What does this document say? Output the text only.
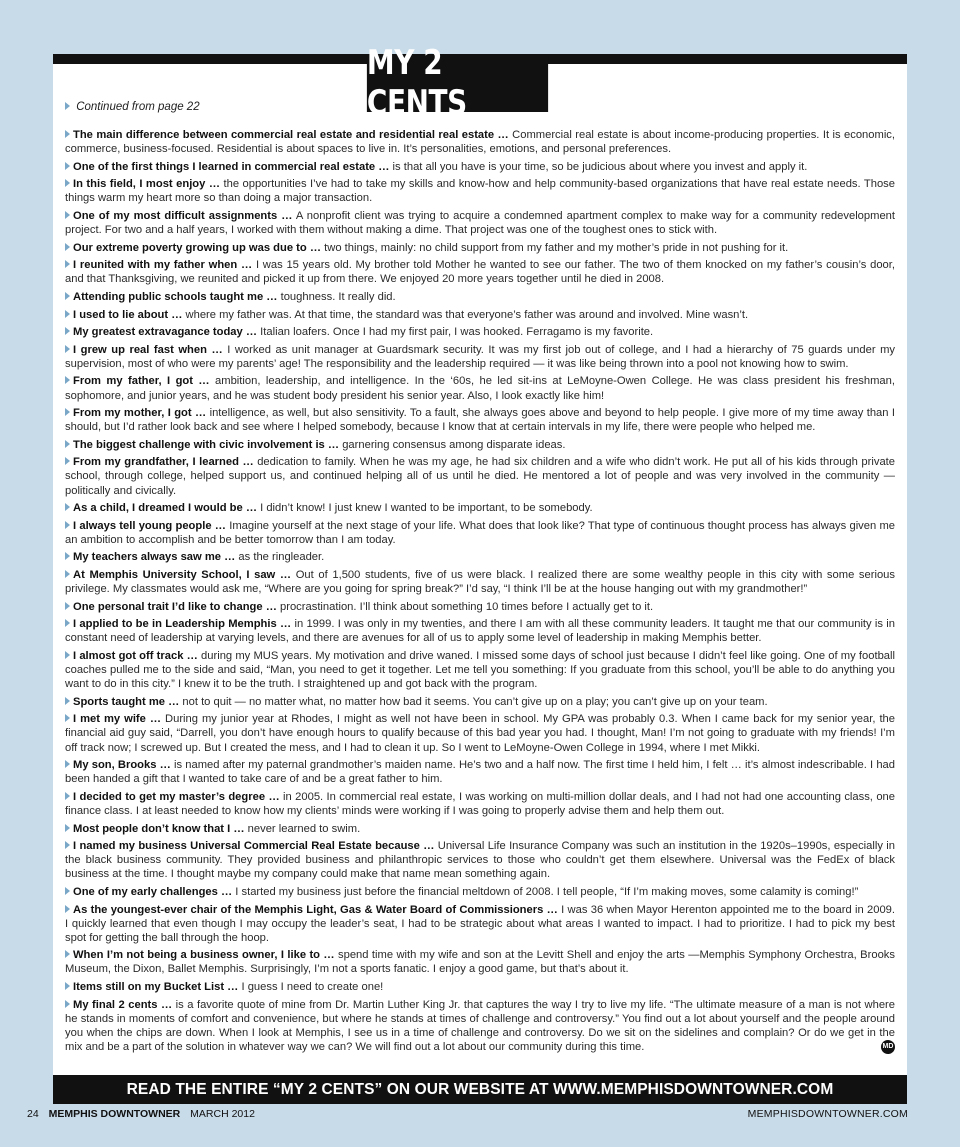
MY 2 CENTS
Continued from page 22

The main difference between commercial real estate and residential real estate … Commercial real estate is about income-producing properties. It is economic, commerce, business-focused. Residential is about spaces to live in. It’s personalities, emotions, and personal preferences.

One of the first things I learned in commercial real estate … is that all you have is your time, so be judicious about where you invest and apply it.

In this field, I most enjoy … the opportunities I’ve had to take my skills and know-how and help community-based organizations that have real estate needs. Those things warm my heart more so than doing a major transaction.

One of my most difficult assignments … A nonprofit client was trying to acquire a condemned apartment complex to make way for a community redevelopment project. For two and a half years, I worked with them without making a dime. That project was one of the toughest ones to stick with.

Our extreme poverty growing up was due to … two things, mainly: no child support from my father and my mother’s pride in not pushing for it.

I reunited with my father when … I was 15 years old. My brother told Mother he wanted to see our father. The two of them knocked on my father’s cousin’s door, and that Thanksgiving, we reunited and picked it up from there. We enjoyed 20 more years together until he died in 2008.

Attending public schools taught me … toughness. It really did.

I used to lie about … where my father was. At that time, the standard was that everyone’s father was around and involved. Mine wasn’t.

My greatest extravagance today … Italian loafers. Once I had my first pair, I was hooked. Ferragamo is my favorite.

I grew up real fast when … I worked as unit manager at Guardsmark security. It was my first job out of college, and I had a hierarchy of 75 guards under my supervision, most of who were my parents’ age! The responsibility and the leadership required — it was like being thrown into a pool not knowing how to swim.

From my father, I got … ambition, leadership, and intelligence. In the ‘60s, he led sit-ins at LeMoyne-Owen College. He was class president his freshman, sophomore, and junior years, and he was student body president his senior year. Also, I look exactly like him!

From my mother, I got … intelligence, as well, but also sensitivity. To a fault, she always goes above and beyond to help people. I give more of my time away than I should, but I’d rather look back and see where I helped somebody, because I know that at certain intervals in my life, there were people who helped me.

The biggest challenge with civic involvement is … garnering consensus among disparate ideas.

From my grandfather, I learned … dedication to family. When he was my age, he had six children and a wife who didn’t work. He put all of his kids through private school, through college, helped support us, and continued helping all of us until he died. He mentored a lot of people and was very involved in the community — politically and civically.

As a child, I dreamed I would be … I didn’t know! I just knew I wanted to be important, to be somebody.

I always tell young people … Imagine yourself at the next stage of your life. What does that look like? That type of continuous thought process has always given me an ambition to accomplish and be better tomorrow than I am today.

My teachers always saw me … as the ringleader.

At Memphis University School, I saw … Out of 1,500 students, five of us were black. I realized there are some wealthy people in this city with some serious privilege. My classmates would ask me, “Where are you going for spring break?” I’d say, “I think I’ll be at the house hanging out with my grandmother!”

One personal trait I’d like to change … procrastination. I’ll think about something 10 times before I actually get to it.

I applied to be in Leadership Memphis … in 1999. I was only in my twenties, and there I am with all these community leaders. It taught me that our community is in constant need of leadership at varying levels, and there are avenues for all of us to apply some level of leadership in making Memphis better.

I almost got off track … during my MUS years. My motivation and drive waned. I missed some days of school just because I didn’t feel like going. One of my football coaches pulled me to the side and said, “Man, you need to get it together. Let me tell you something: If you graduate from this school, you’ll be able to do anything you want to do in this city.” I knew it to be the truth. I straightened up and got back with the program.

Sports taught me … not to quit — no matter what, no matter how bad it seems. You can’t give up on a play; you can’t give up on your team.

I met my wife … During my junior year at Rhodes, I might as well not have been in school. My GPA was probably 0.3. When I came back for my senior year, the financial aid guy said, “Darrell, you don’t have enough hours to qualify because of this bad year you had. I thought, Man! I’m not going to graduate with my friends! I’m off track now; I screwed up. But I created the mess, and I had to clean it up. So I went to LeMoyne-Owen College in 1994, where I met Mikki.

My son, Brooks … is named after my paternal grandmother’s maiden name. He’s two and a half now. The first time I held him, I felt … it’s almost indescribable. I had been handed a gift that I wanted to take care of and be a great father to him.

I decided to get my master’s degree … in 2005. In commercial real estate, I was working on multi-million dollar deals, and I had not had one accounting class, one finance class. I at least needed to know how my clients’ minds were working if I was going to properly advise them and help them out.

Most people don’t know that I … never learned to swim.

I named my business Universal Commercial Real Estate because … Universal Life Insurance Company was such an institution in the 1920s–1990s, especially in the black business community. They provided business and philanthropic services to those who couldn’t get them elsewhere. Universal was the FedEx of black business at the time. I thought maybe my company could make that name mean something again.

One of my early challenges … I started my business just before the financial meltdown of 2008. I tell people, “If I’m making moves, some calamity is coming!”

As the youngest-ever chair of the Memphis Light, Gas & Water Board of Commissioners … I was 36 when Mayor Herenton appointed me to the board in 2009. I quickly learned that even though I may occupy the leader’s seat, I had to be strategic about what areas I wanted to impact. I had to prioritize. I had to pick my best spot for getting the ball through the hoop.

When I’m not being a business owner, I like to … spend time with my wife and son at the Levitt Shell and enjoy the arts —Memphis Symphony Orchestra, Brooks Museum, the Dixon, Ballet Memphis. Surprisingly, I’m not a sports fanatic. I enjoy a good game, but that’s about it.

Items still on my Bucket List … I guess I need to create one!

My final 2 cents … is a favorite quote of mine from Dr. Martin Luther King Jr. that captures the way I try to live my life. “The ultimate measure of a man is not where he stands in moments of comfort and convenience, but where he stands at times of challenge and controversy.” You find out a lot about yourself and the people around you when the chips are down. When I look at Memphis, I see us in a time of challenge and controversy. Do we sit on the sidelines and complain? Or do we get in the mix and be a part of the solution in whatever way we can? We will find out a lot about our community during this time.	MD

READ THE ENTIRE “MY 2 CENTS” ON OUR WEBSITE AT WWW.MEMPHISDOWNTOWNER.COM
24 MEMPHIS DOWNTOWNER MARCH 2012	MEMPHISDOWNTOWNER.COM
